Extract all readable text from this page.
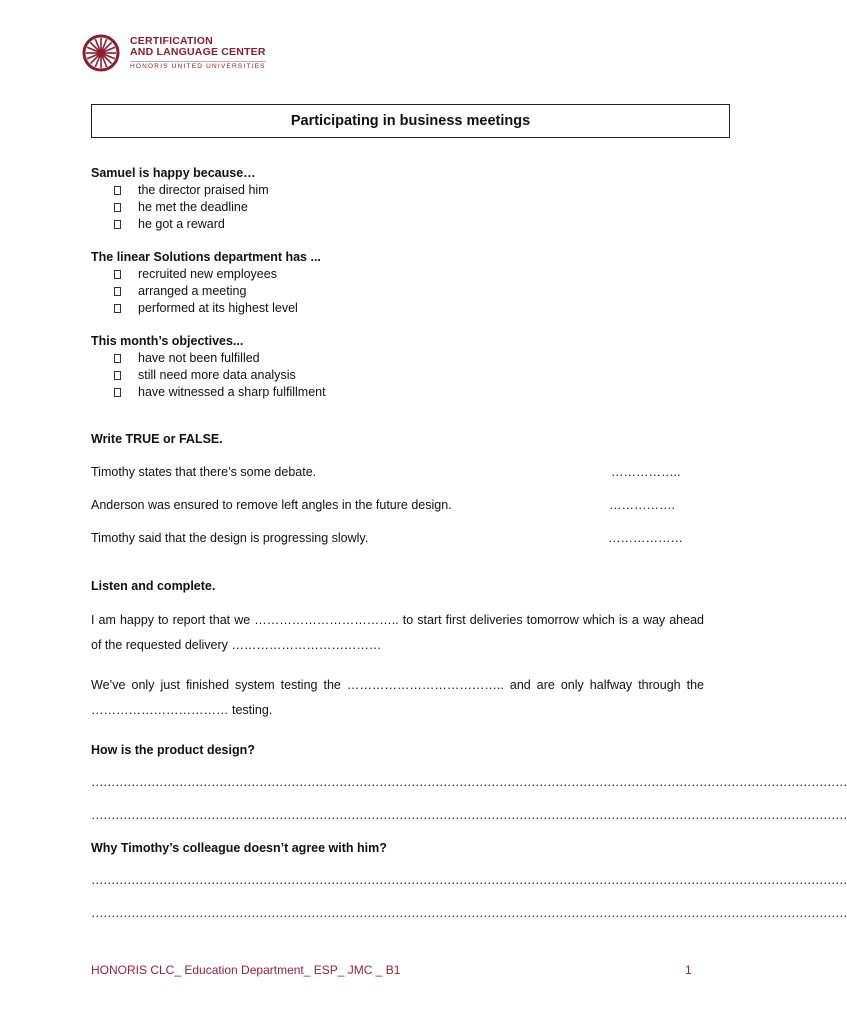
CERTIFICATION
AND LANGUAGE CENTER
HONORIS UNITED UNIVERSITIES
Participating in business meetings
Samuel is happy because…
the director praised him
he met the deadline
he got a reward
The linear Solutions department has ...
recruited new employees
arranged a meeting
performed at its highest level
This month’s objectives...
have not been fulfilled
still need more data analysis
have witnessed a sharp fulfillment
Write TRUE or FALSE.
Timothy states that there’s some debate.	……………..
Anderson was ensured to remove left angles in the future design.	…………….
Timothy said that the design is progressing slowly.	………………
Listen and complete.
I am happy to report that we …………………………….. to start first deliveries tomorrow which is a way ahead of the requested delivery ………………………………
We’ve only just finished system testing the ……………………………….. and are only halfway through the …………………………… testing.
How is the product design?
………………………………………………………………………………………………………………………………………………………………………
………………………………………………………………………………………………………………………………………………………………………
Why Timothy’s colleague doesn’t agree with him?
………………………………………………………………………………………………………………………………………………………………………
………………………………………………………………………………………………………………………………………………………………………
HONORIS CLC_ Education Department_ ESP_ JMC _ B1	1
